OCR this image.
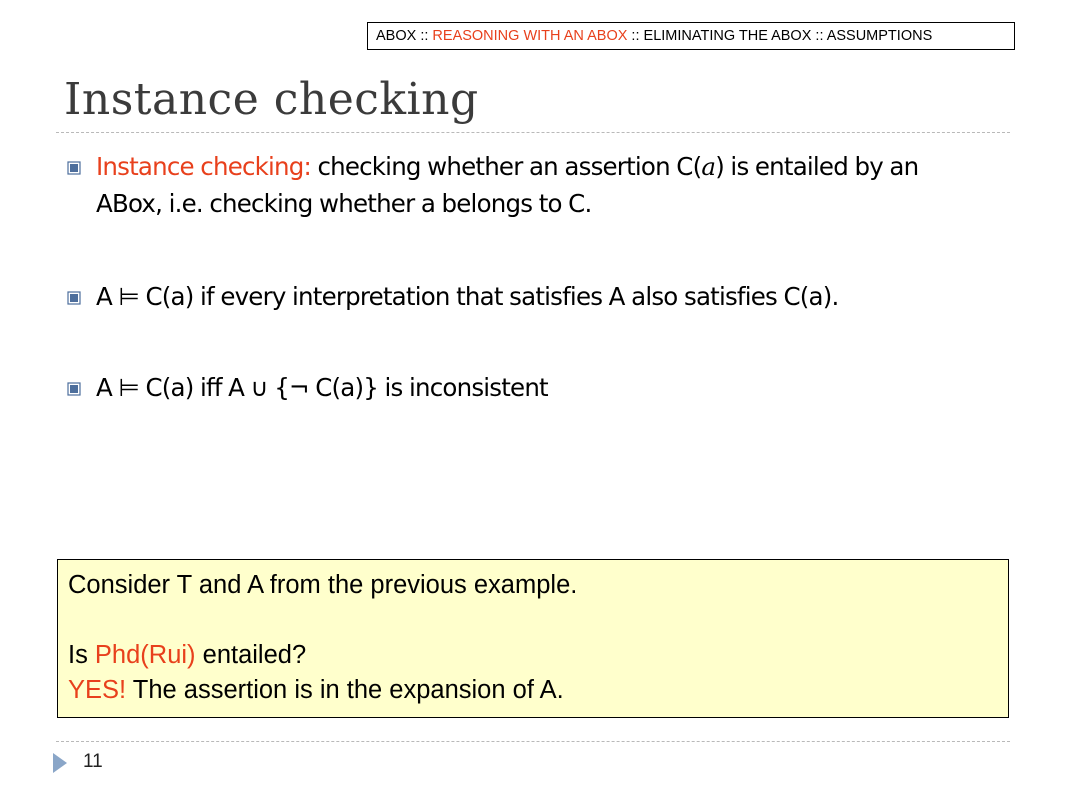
ABOX :: REASONING WITH AN ABOX :: ELIMINATING THE ABOX :: ASSUMPTIONS
Instance checking
Instance checking: checking whether an assertion C(a) is entailed by an
ABox, i.e. checking whether a belongs to C.
A ⊨ C(a) if every interpretation that satisfies A also satisfies C(a).
A ⊨ C(a) iff A ∪ {¬ C(a)} is inconsistent
Consider T and A from the previous example.
Is Phd(Rui) entailed?
YES! The assertion is in the expansion of A.
11
